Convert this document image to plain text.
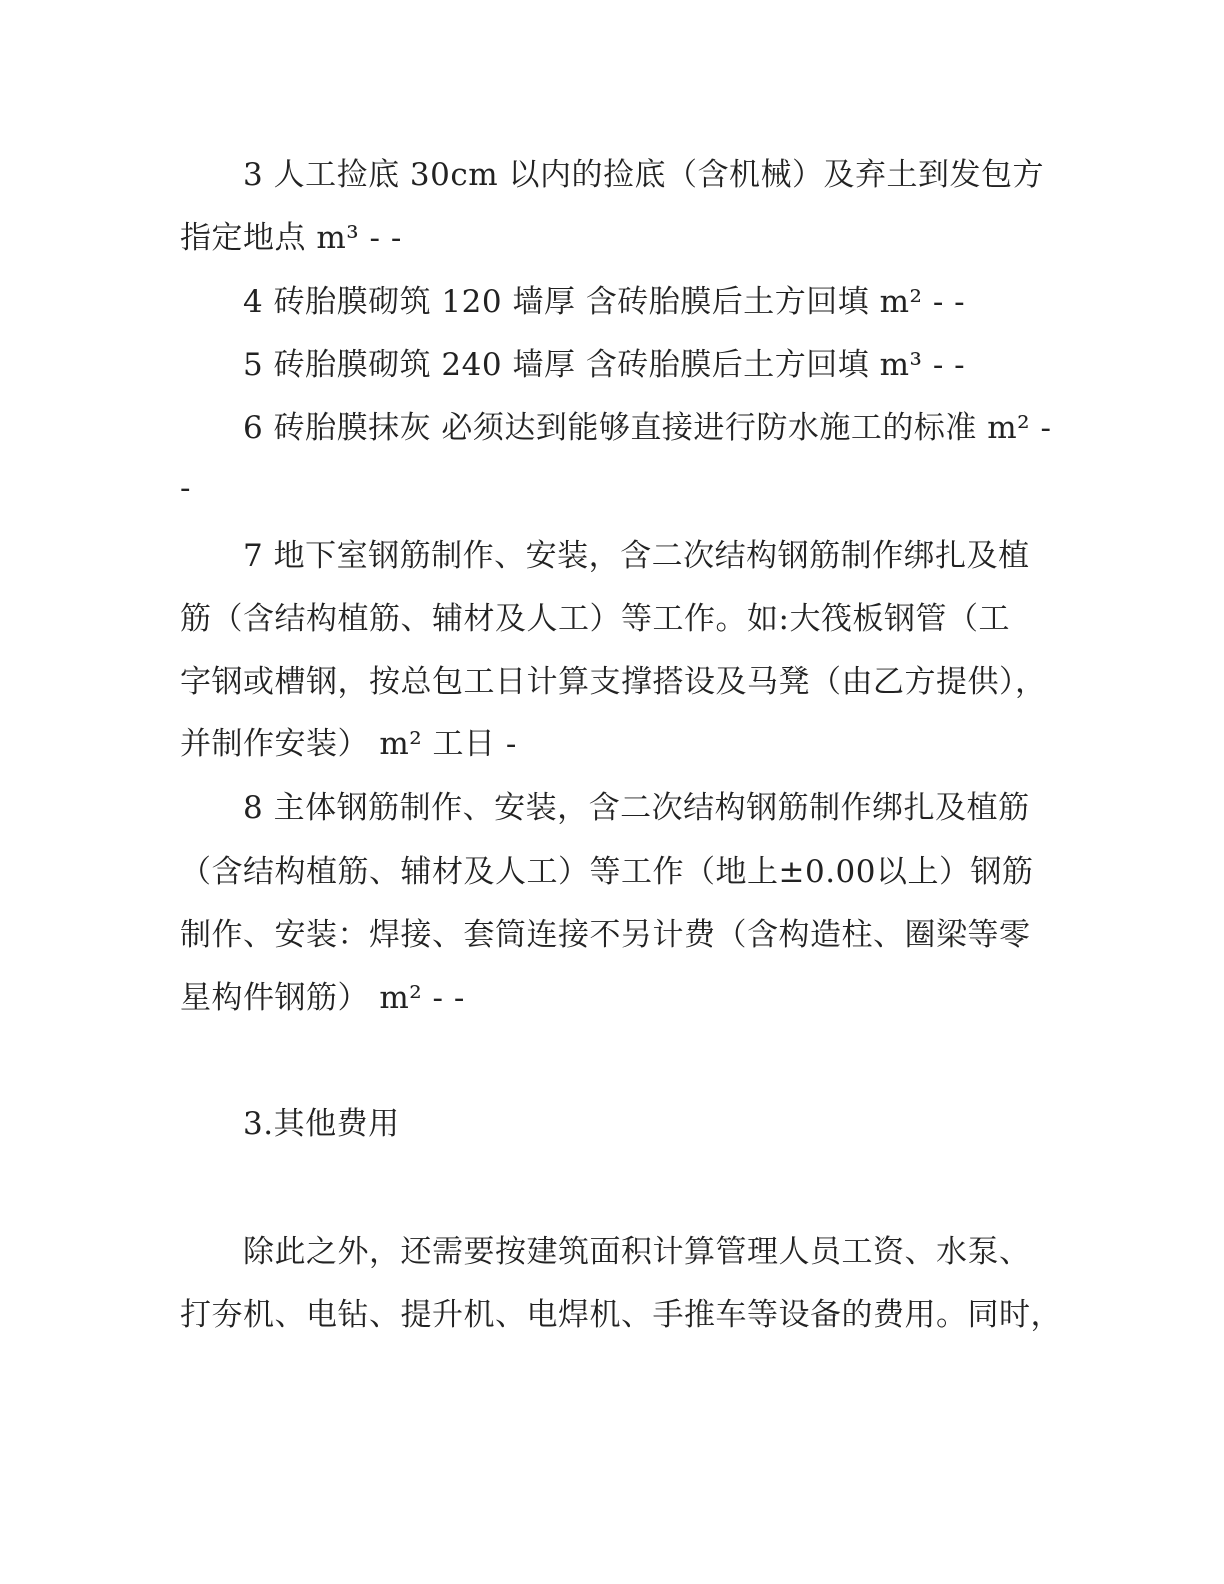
3 人工捡底 30cm 以内的捡底（含机械）及弃土到发包方
指定地点 m³ - -
4 砖胎膜砌筑 120 墙厚 含砖胎膜后土方回填 m² - -
5 砖胎膜砌筑 240 墙厚 含砖胎膜后土方回填 m³ - -
6 砖胎膜抹灰 必须达到能够直接进行防水施工的标准 m² -
-
7 地下室钢筋制作、安装，含二次结构钢筋制作绑扎及植
筋（含结构植筋、辅材及人工）等工作。如:大筏板钢管（工
字钢或槽钢，按总包工日计算支撑搭设及马凳（由乙方提供），
并制作安装） m² 工日 -
8 主体钢筋制作、安装，含二次结构钢筋制作绑扎及植筋
（含结构植筋、辅材及人工）等工作（地上±0.00以上）钢筋
制作、安装：焊接、套筒连接不另计费（含构造柱、圈梁等零
星构件钢筋） m² - -
3.其他费用
除此之外，还需要按建筑面积计算管理人员工资、水泵、
打夯机、电钻、提升机、电焊机、手推车等设备的费用。同时，
